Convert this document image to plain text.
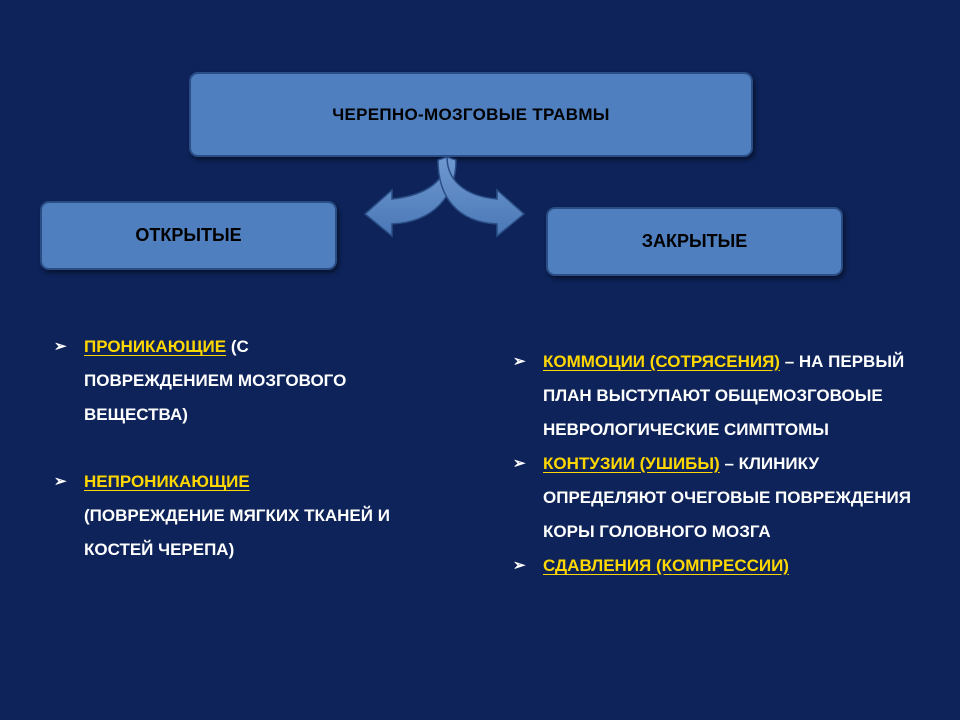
ЧЕРЕПНО-МОЗГОВЫЕ ТРАВМЫ
ОТКРЫТЫЕ	ЗАКРЫТЫЕ
➢ ПРОНИКАЮЩИЕ (С ПОВРЕЖДЕНИЕМ МОЗГОВОГО ВЕЩЕСТВА)
➢ НЕПРОНИКАЮЩИЕ (ПОВРЕЖДЕНИЕ МЯГКИХ ТКАНЕЙ И КОСТЕЙ ЧЕРЕПА)
➢ КОММОЦИИ (СОТРЯСЕНИЯ) – НА ПЕРВЫЙ ПЛАН ВЫСТУПАЮТ ОБЩЕМОЗГОВОЫЕ НЕВРОЛОГИЧЕСКИЕ СИМПТОМЫ
➢ КОНТУЗИИ (УШИБЫ) – КЛИНИКУ ОПРЕДЕЛЯЮТ ОЧЕГОВЫЕ ПОВРЕЖДЕНИЯ КОРЫ ГОЛОВНОГО МОЗГА
➢ СДАВЛЕНИЯ (КОМПРЕССИИ)
